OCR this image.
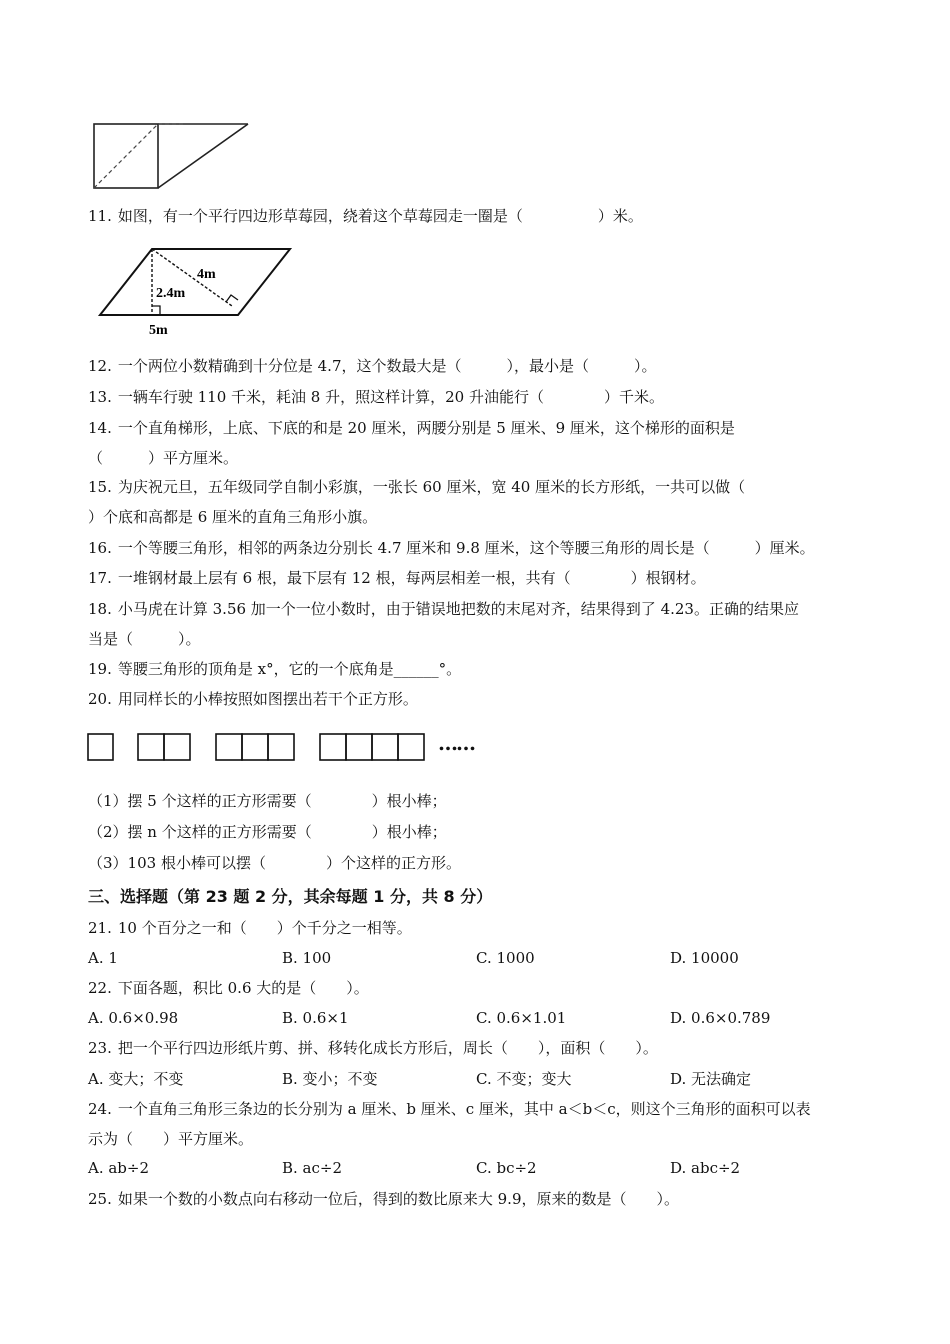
11. 如图，有一个平行四边形草莓园，绕着这个草莓园走一圈是（　　　　　）米。
4m
2.4m
5m
12. 一个两位小数精确到十分位是 4.7，这个数最大是（　　　），最小是（　　　）。
13. 一辆车行驶 110 千米，耗油 8 升，照这样计算，20 升油能行（　　　　）千米。
14. 一个直角梯形，上底、下底的和是 20 厘米，两腰分别是 5 厘米、9 厘米，这个梯形的面积是
（　　　）平方厘米。
15. 为庆祝元旦，五年级同学自制小彩旗，一张长 60 厘米，宽 40 厘米的长方形纸，一共可以做（
）个底和高都是 6 厘米的直角三角形小旗。
16. 一个等腰三角形，相邻的两条边分别长 4.7 厘米和 9.8 厘米，这个等腰三角形的周长是（　　　）厘米。
17. 一堆钢材最上层有 6 根，最下层有 12 根，每两层相差一根，共有（　　　　）根钢材。
18. 小马虎在计算 3.56 加一个一位小数时，由于错误地把数的末尾对齐，结果得到了 4.23。正确的结果应
当是（　　　）。
19. 等腰三角形的顶角是 x°，它的一个底角是______°。
20. 用同样长的小棒按照如图摆出若干个正方形。
……
（1）摆 5 个这样的正方形需要（　　　　）根小棒；
（2）摆 n 个这样的正方形需要（　　　　）根小棒；
（3）103 根小棒可以摆（　　　　）个这样的正方形。
三、选择题（第 23 题 2 分，其余每题 1 分，共 8 分）
21. 10 个百分之一和（　　）个千分之一相等。
A. 1	B. 100	C. 1000	D. 10000
22. 下面各题，积比 0.6 大的是（　　）。
A. 0.6×0.98	B. 0.6×1	C. 0.6×1.01	D. 0.6×0.789
23. 把一个平行四边形纸片剪、拼、移转化成长方形后，周长（　　），面积（　　）。
A. 变大；不变	B. 变小；不变	C. 不变；变大	D. 无法确定
24. 一个直角三角形三条边的长分别为 a 厘米、b 厘米、c 厘米，其中 a＜b＜c，则这个三角形的面积可以表
示为（　　）平方厘米。
A. ab÷2	B. ac÷2	C. bc÷2	D. abc÷2
25. 如果一个数的小数点向右移动一位后，得到的数比原来大 9.9，原来的数是（　　）。
